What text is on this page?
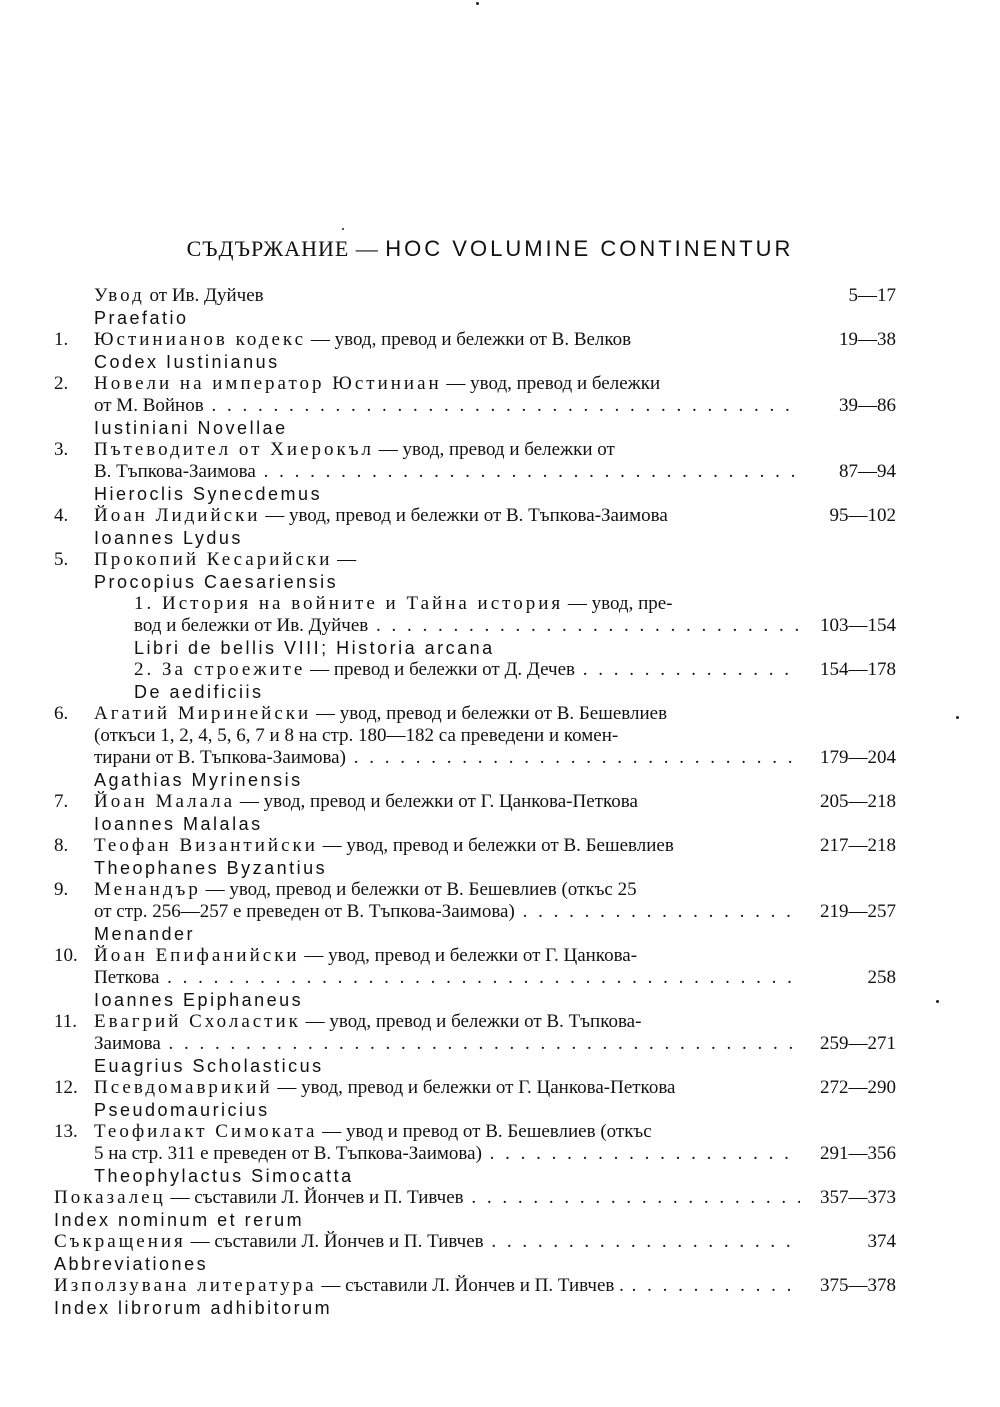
СЪДЪРЖАНИЕ — HOC VOLUMINE CONTINENTUR
Увод от Ив. Дуйчев	5—17
Praefatio
1.	Юстинианов кодекс — увод, превод и бележки от В. Велков	19—38
Codex Iustinianus
2.	Новели на император Юстиниан — увод, превод и бележки
от М. Войнов . . .	39—86
Iustiniani Novellae
3.	Пътеводител от Хиерокъл — увод, превод и бележки от
В. Тъпкова-Заимова . . .	87—94
Hieroclis Synecdemus
4.	Йоан Лидийски — увод, превод и бележки от В. Тъпкова-Заимова	95—102
Ioannes Lydus
5.	Прокопий Кесарийски —
Procopius Caesariensis
1. История на войните и Тайна история — увод, пре-
вод и бележки от Ив. Дуйчев . . .	103—154
Libri de bellis VIII; Historia arcana
2. За строежите — превод и бележки от Д. Дечев . . .	154—178
De aedificiis
6.	Агатий Миринейски — увод, превод и бележки от В. Бешевлиев
(откъси 1, 2, 4, 5, 6, 7 и 8 на стр. 180—182 са преведени и комен-
тирани от В. Тъпкова-Заимова) . . .	179—204
Agathias Myrinensis
7.	Йоан Малала — увод, превод и бележки от Г. Цанкова-Петкова	205—218
Ioannes Malalas
8.	Теофан Византийски — увод, превод и бележки от В. Бешевлиев	217—218
Theophanes Byzantius
9.	Менандър — увод, превод и бележки от В. Бешевлиев (откъс 25
от стр. 256—257 е преведен от В. Тъпкова-Заимова) . . .	219—257
Menander
10. Йоан Епифанийски — увод, превод и бележки от Г. Цанкова-
Петкова . . .	258
Ioannes Epiphaneus
11. Евагрий Схоластик — увод, превод и бележки от В. Тъпкова-
Заимова . . .	259—271
Euagrius Scholasticus
12. Псевдомаврикий — увод, превод и бележки от Г. Цанкова-Петкова	272—290
Pseudomauricius
13. Теофилакт Симоката — увод и превод от В. Бешевлиев (откъс
5 на стр. 311 е преведен от В. Тъпкова-Заимова) . . .	291—356
Theophylactus Simocatta
Показалец — съставили Л. Йончев и П. Тивчев . . .	357—373
Index nominum et rerum
Съкращения — съставили Л. Йончев и П. Тивчев . . .	374
Abbreviationes
Използувана литература — съставили Л. Йончев и П. Тивчев . . . .	375—378
Index librorum adhibitorum
